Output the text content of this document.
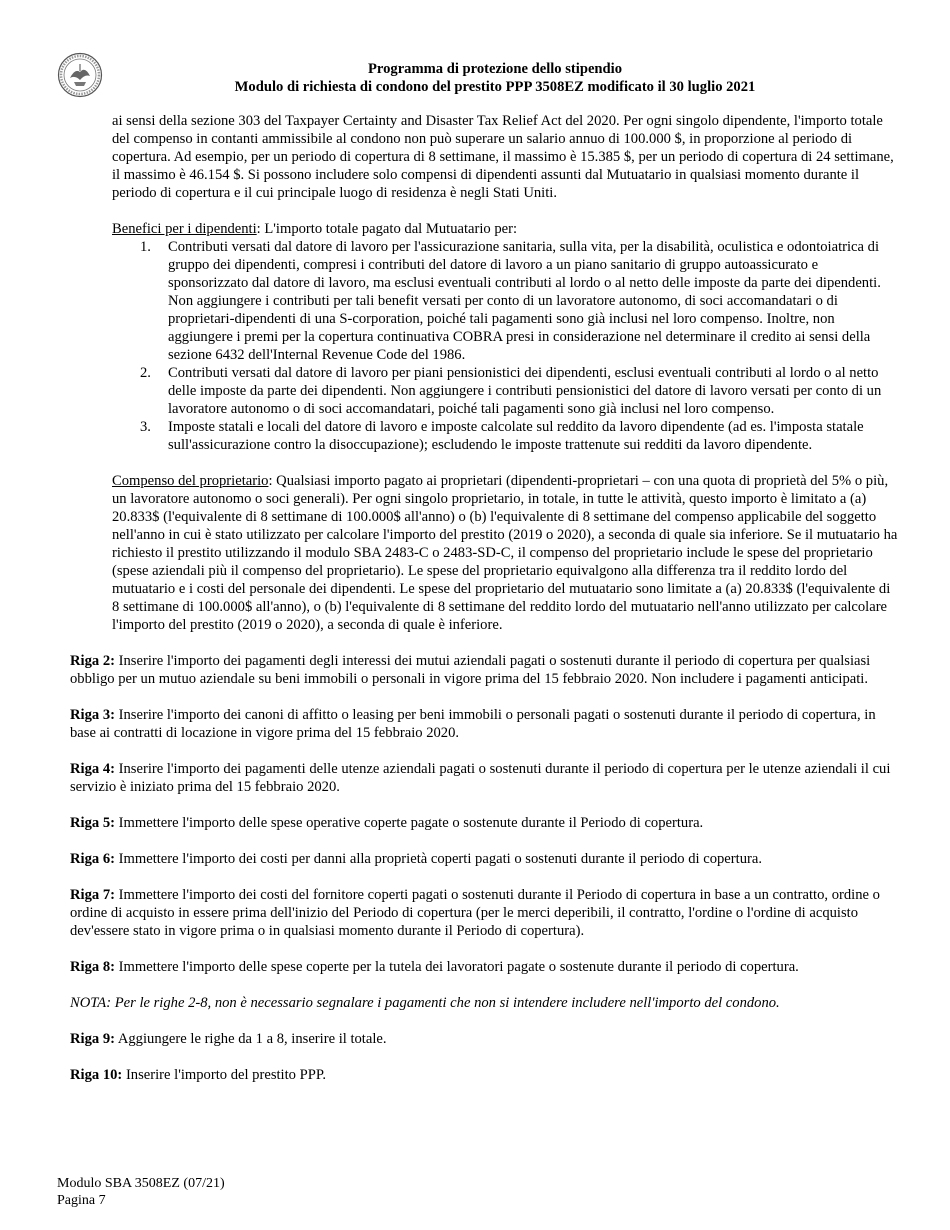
Programma di protezione dello stipendio
Modulo di richiesta di condono del prestito PPP 3508EZ modificato il 30 luglio 2021

ai sensi della sezione 303 del Taxpayer Certainty and Disaster Tax Relief Act del 2020. Per ogni singolo dipendente, l'importo totale del compenso in contanti ammissibile al condono non può superare un salario annuo di 100.000 $, in proporzione al periodo di copertura. Ad esempio, per un periodo di copertura di 8 settimane, il massimo è 15.385 $, per un periodo di copertura di 24 settimane, il massimo è 46.154 $. Si possono includere solo compensi di dipendenti assunti dal Mutuatario in qualsiasi momento durante il periodo di copertura e il cui principale luogo di residenza è negli Stati Uniti.

Benefici per i dipendenti: L'importo totale pagato dal Mutuatario per:

1. Contributi versati dal datore di lavoro per l'assicurazione sanitaria, sulla vita, per la disabilità, oculistica e odontoiatrica di gruppo dei dipendenti, compresi i contributi del datore di lavoro a un piano sanitario di gruppo autoassicurato e sponsorizzato dal datore di lavoro, ma esclusi eventuali contributi al lordo o al netto delle imposte da parte dei dipendenti. Non aggiungere i contributi per tali benefit versati per conto di un lavoratore autonomo, di soci accomandatari o di proprietari-dipendenti di una S-corporation, poiché tali pagamenti sono già inclusi nel loro compenso. Inoltre, non aggiungere i premi per la copertura continuativa COBRA presi in considerazione nel determinare il credito ai sensi della sezione 6432 dell'Internal Revenue Code del 1986.
2. Contributi versati dal datore di lavoro per piani pensionistici dei dipendenti, esclusi eventuali contributi al lordo o al netto delle imposte da parte dei dipendenti. Non aggiungere i contributi pensionistici del datore di lavoro versati per conto di un lavoratore autonomo o di soci accomandatari, poiché tali pagamenti sono già inclusi nel loro compenso.
3. Imposte statali e locali del datore di lavoro e imposte calcolate sul reddito da lavoro dipendente (ad es. l'imposta statale sull'assicurazione contro la disoccupazione); escludendo le imposte trattenute sui redditi da lavoro dipendente.

Compenso del proprietario: Qualsiasi importo pagato ai proprietari (dipendenti-proprietari – con una quota di proprietà del 5% o più, un lavoratore autonomo o soci generali). Per ogni singolo proprietario, in totale, in tutte le attività, questo importo è limitato a (a) 20.833$ (l'equivalente di 8 settimane di 100.000$ all'anno) o (b) l'equivalente di 8 settimane del compenso applicabile del soggetto nell'anno in cui è stato utilizzato per calcolare l'importo del prestito (2019 o 2020), a seconda di quale sia inferiore. Se il mutuatario ha richiesto il prestito utilizzando il modulo SBA 2483-C o 2483-SD-C, il compenso del proprietario include le spese del proprietario (spese aziendali più il compenso del proprietario). Le spese del proprietario equivalgono alla differenza tra il reddito lordo del mutuatario e i costi del personale dei dipendenti. Le spese del proprietario del mutuatario sono limitate a (a) 20.833$ (l'equivalente di 8 settimane di 100.000$ all'anno), o (b) l'equivalente di 8 settimane del reddito lordo del mutuatario nell'anno utilizzato per calcolare l'importo del prestito (2019 o 2020), a seconda di quale è inferiore.

Riga 2: Inserire l'importo dei pagamenti degli interessi dei mutui aziendali pagati o sostenuti durante il periodo di copertura per qualsiasi obbligo per un mutuo aziendale su beni immobili o personali in vigore prima del 15 febbraio 2020. Non includere i pagamenti anticipati.

Riga 3: Inserire l'importo dei canoni di affitto o leasing per beni immobili o personali pagati o sostenuti durante il periodo di copertura, in base ai contratti di locazione in vigore prima del 15 febbraio 2020.

Riga 4: Inserire l'importo dei pagamenti delle utenze aziendali pagati o sostenuti durante il periodo di copertura per le utenze aziendali il cui servizio è iniziato prima del 15 febbraio 2020.

Riga 5: Immettere l'importo delle spese operative coperte pagate o sostenute durante il Periodo di copertura.

Riga 6: Immettere l'importo dei costi per danni alla proprietà coperti pagati o sostenuti durante il periodo di copertura.

Riga 7: Immettere l'importo dei costi del fornitore coperti pagati o sostenuti durante il Periodo di copertura in base a un contratto, ordine o ordine di acquisto in essere prima dell'inizio del Periodo di copertura (per le merci deperibili, il contratto, l'ordine o l'ordine di acquisto dev'essere stato in vigore prima o in qualsiasi momento durante il Periodo di copertura).

Riga 8: Immettere l'importo delle spese coperte per la tutela dei lavoratori pagate o sostenute durante il periodo di copertura.

NOTA: Per le righe 2-8, non è necessario segnalare i pagamenti che non si intendere includere nell'importo del condono.

Riga 9: Aggiungere le righe da 1 a 8, inserire il totale.

Riga 10: Inserire l'importo del prestito PPP.

Modulo SBA 3508EZ (07/21)
Pagina 7
